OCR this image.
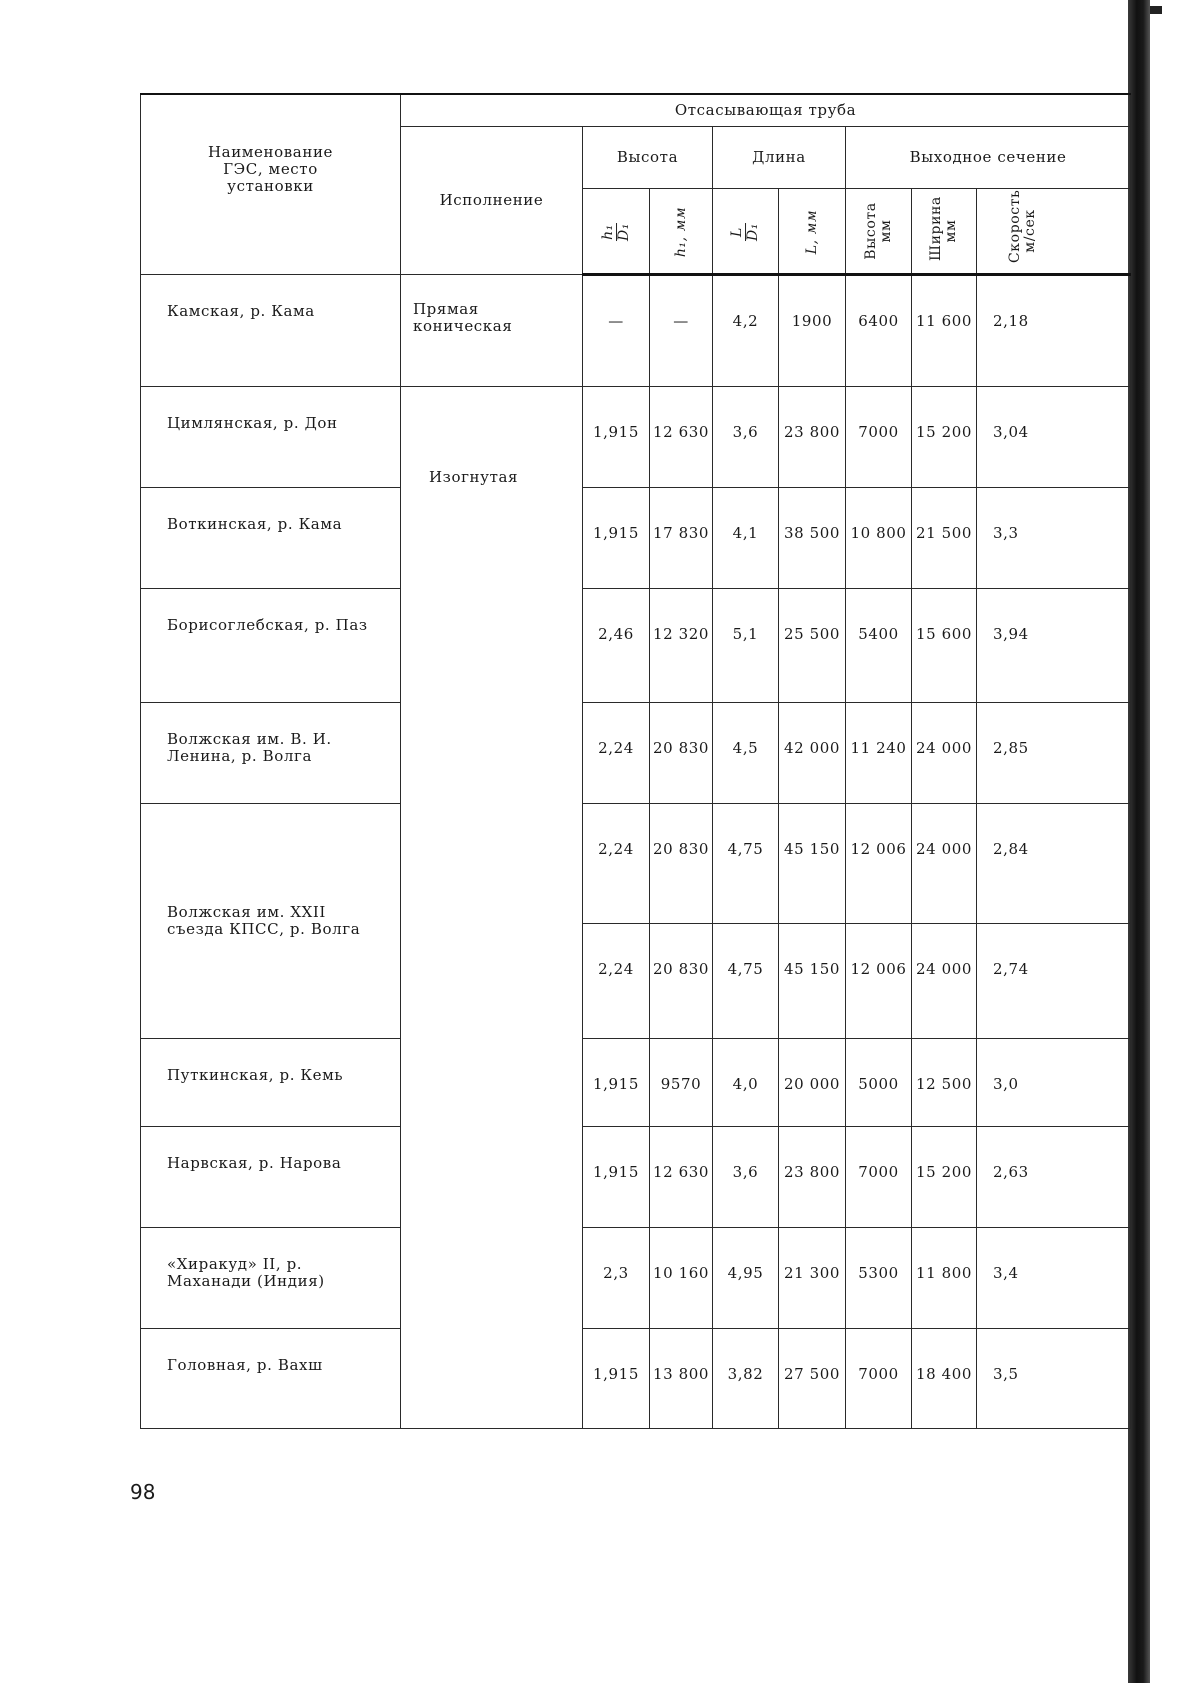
Наименование ГЭС, место установки	Отсасывающая труба							
	Исполнение	Высота		Длина		Выходное сечение		

		h₁ D₁	h₁, мм	L D₁	L, мм	Высота мм	Ширина мм	Скорость м/сек
Камская, р. Кама	Прямая коническая	—	—	4,2	1900	6400	11 600	2,18
Цимлянская, р. Дон	Изогнутая	1,915	12 630	3,6	23 800	7000	15 200	3,04
Воткинская, р. Кама		1,915	17 830	4,1	38 500	10 800	21 500	3,3
Борисоглебская, р. Паз		2,46	12 320	5,1	25 500	5400	15 600	3,94
Волжская им. В. И. Ленина, р. Волга		2,24	20 830	4,5	42 000	11 240	24 000	2,85
Волжская им. XXII съезда КПСС, р. Волга		2,24	20 830	4,75	45 150	12 006	24 000	2,84
		2,24	20 830	4,75	45 150	12 006	24 000	2,74
Путкинская, р. Кемь		1,915	9570	4,0	20 000	5000	12 500	3,0
Нарвская, р. Нарова		1,915	12 630	3,6	23 800	7000	15 200	2,63
«Хиракуд» II, р. Маханади (Индия)		2,3	10 160	4,95	21 300	5300	11 800	3,4
Головная, р. Вахш		1,915	13 800	3,82	27 500	7000	18 400	3,5
98
